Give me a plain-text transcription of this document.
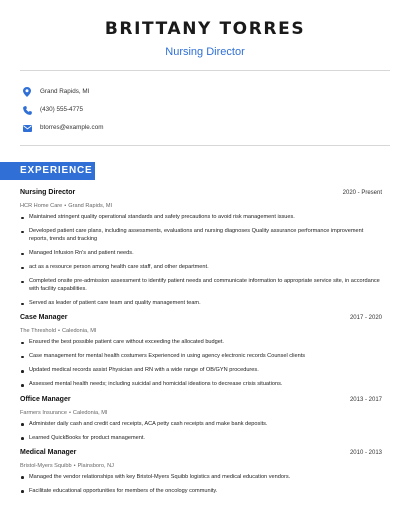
BRITTANY TORRES
Nursing Director
Grand Rapids, MI
(430) 555-4775
btorres@example.com
EXPERIENCE
Nursing Director	2020 - Present
HCR Home Care • Grand Rapids, MI
Maintained stringent quality operational standards and safety precautions to avoid risk management issues.
Developed patient care plans, including assessments, evaluations and nursing diagnoses Quality assurance performance improvement reports, trends and tracking
Managed Infusion Rn's and patient needs.
act as a resource person among health care staff, and other department.
Completed onsite pre-admission assessment to identify patient needs and communicate information to appropriate service site, in accordance with facility capabilities.
Served as leader of patient care team and quality management team.
Case Manager	2017 - 2020
The Threshold • Caledonia, MI
Ensured the best possible patient care without exceeding the allocated budget.
Case management for mental health costumers Experienced in using agency electronic records Counsel clients
Updated medical records assist Physician and RN with a wide range of OB/GYN procedures.
Assessed mental health needs; including suicidal and homicidal ideations to decrease crisis situations.
Office Manager	2013 - 2017
Farmers Insurance • Caledonia, MI
Administer daily cash and credit card receipts, ACA petty cash receipts and make bank deposits.
Learned QuickBooks for product management.
Medical Manager	2010 - 2013
Bristol-Myers Squibb • Plainsboro, NJ
Managed the vendor relationships with key Bristol-Myers Squibb logistics and medical education vendors.
Facilitate educational opportunities for members of the oncology community.
